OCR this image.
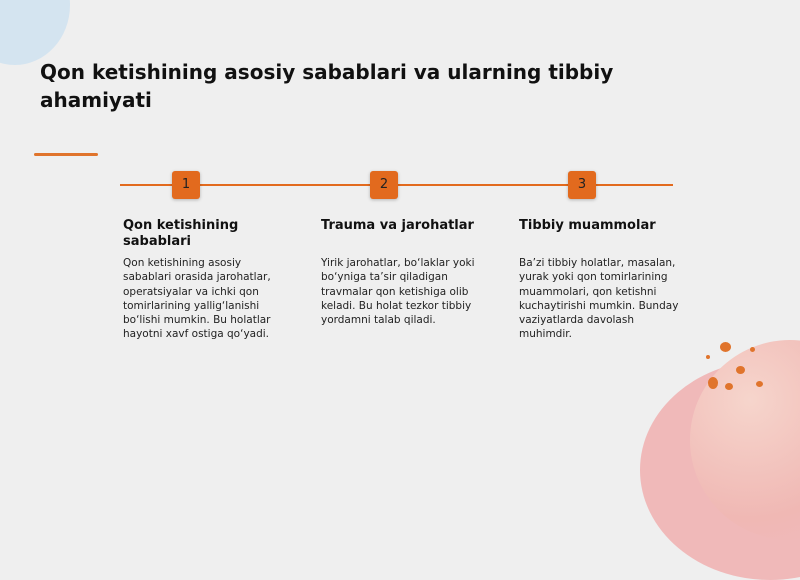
Qon ketishining asosiy sabablari va ularning tibbiy ahamiyati
1	2	3

Qon ketishining sabablari

Qon ketishining asosiy sabablari orasida jarohatlar, operatsiyalar va ichki qon tomirlarining yallig‘lanishi bo‘lishi mumkin. Bu holatlar hayotni xavf ostiga qo‘yadi.

Trauma va jarohatlar

Yirik jarohatlar, bo‘laklar yoki bo‘yniga ta’sir qiladigan travmalar qon ketishiga olib keladi. Bu holat tezkor tibbiy yordamni talab qiladi.

Tibbiy muammolar

Ba’zi tibbiy holatlar, masalan, yurak yoki qon tomirlarining muammolari, qon ketishni kuchaytirishi mumkin. Bunday vaziyatlarda davolash muhimdir.
